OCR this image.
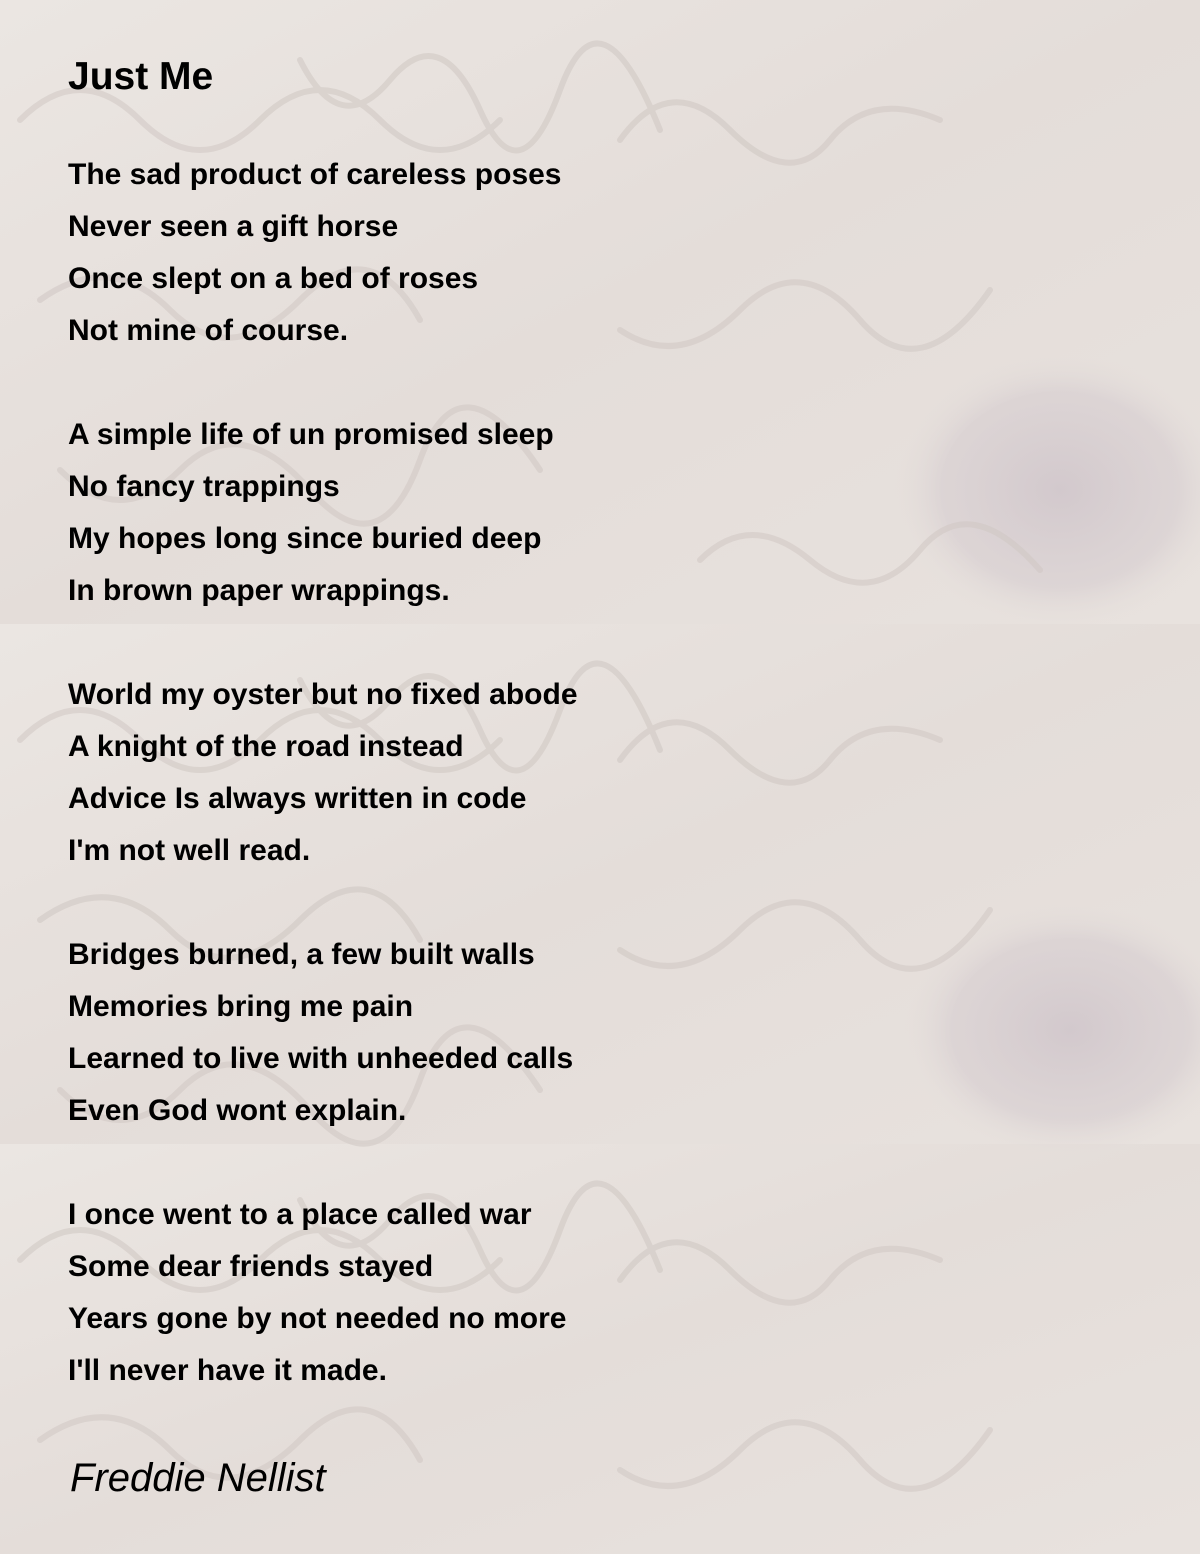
Just Me

The sad product of careless poses
Never seen a gift horse
Once slept on a bed of roses
Not mine of course.

A simple life of un promised sleep
No fancy trappings
My hopes long since buried deep
In brown paper wrappings.

World my oyster but no fixed abode
A knight of the road instead
Advice Is always written in code
I'm not well read.

Bridges burned, a few built walls
Memories bring me pain
Learned to live with unheeded calls
Even God wont explain.

I once went to a place called war
Some dear friends stayed
Years gone by not needed no more
I'll never have it made.

Freddie Nellist
